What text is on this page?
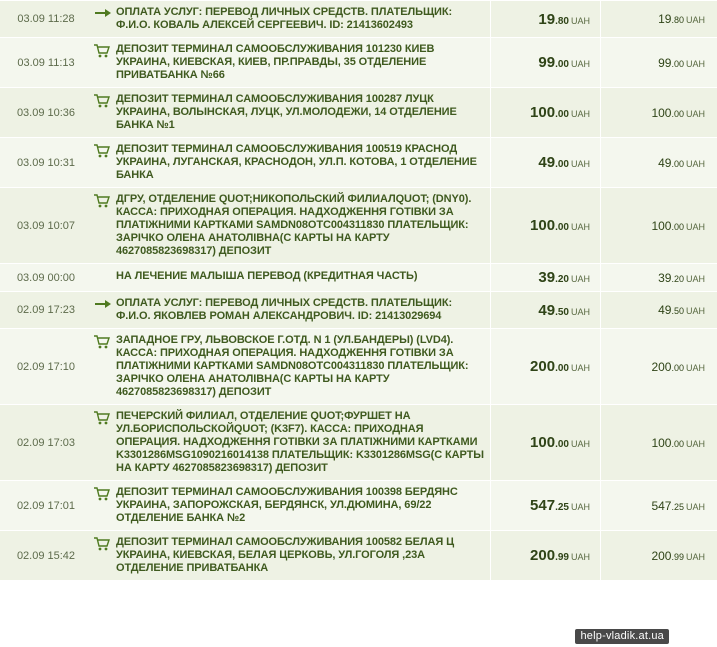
03.09 11:28	ОПЛАТА УСЛУГ: ПЕРЕВОД ЛИЧНЫХ СРЕДСТВ. ПЛАТЕЛЬЩИК: Ф.И.О. КОВАЛЬ АЛЕКСЕЙ СЕРГЕЕВИЧ. ID: 21413602493	19.80 UAH	19.80 UAH
03.09 11:13	ДЕПОЗИТ ТЕРМИНАЛ САМООБСЛУЖИВАНИЯ 101230 КИЕВ УКРАИНА, КИЕВСКАЯ, КИЕВ, ПР.ПРАВДЫ, 35 ОТДЕЛЕНИЕ ПРИВАТБАНКА №66	99.00 UAH	99.00 UAH
03.09 10:36	ДЕПОЗИТ ТЕРМИНАЛ САМООБСЛУЖИВАНИЯ 100287 ЛУЦК УКРАИНА, ВОЛЫНСКАЯ, ЛУЦК, УЛ.МОЛОДЕЖИ, 14 ОТДЕЛЕНИЕ БАНКА №1	100.00 UAH	100.00 UAH
03.09 10:31	ДЕПОЗИТ ТЕРМИНАЛ САМООБСЛУЖИВАНИЯ 100519 КРАСНОД УКРАИНА, ЛУГАНСКАЯ, КРАСНОДОН, УЛ.П. КОТОВА, 1 ОТДЕЛЕНИЕ БАНКА	49.00 UAH	49.00 UAH
03.09 10:07	ДГРУ, ОТДЕЛЕНИЕ QUOT;НИКОПОЛЬСКИЙ ФИЛИАЛQUOT; (DNY0). КАССА: ПРИХОДНАЯ ОПЕРАЦИЯ. НАДХОДЖЕННЯ ГОТІВКИ ЗА ПЛАТІЖНИМИ КАРТКАМИ SAMDN08OTC004311830 ПЛАТЕЛЬЩИК: ЗАРІЧКО ОЛЕНА АНАТОЛІВНА(С КАРТЫ НА КАРТУ 4627085823698317) ДЕПОЗИТ	100.00 UAH	100.00 UAH
03.09 00:00	НА ЛЕЧЕНИЕ МАЛЫША ПЕРЕВОД (КРЕДИТНАЯ ЧАСТЬ)	39.20 UAH	39.20 UAH
02.09 17:23	ОПЛАТА УСЛУГ: ПЕРЕВОД ЛИЧНЫХ СРЕДСТВ. ПЛАТЕЛЬЩИК: Ф.И.О. ЯКОВЛЕВ РОМАН АЛЕКСАНДРОВИЧ. ID: 21413029694	49.50 UAH	49.50 UAH
02.09 17:10	ЗАПАДНОЕ ГРУ, ЛЬВОВСКОЕ Г.ОТД. N 1 (УЛ.БАНДЕРЫ) (LVD4). КАССА: ПРИХОДНАЯ ОПЕРАЦИЯ. НАДХОДЖЕННЯ ГОТІВКИ ЗА ПЛАТІЖНИМИ КАРТКАМИ SAMDN08OTC004311830 ПЛАТЕЛЬЩИК: ЗАРІЧКО ОЛЕНА АНАТОЛІВНА(С КАРТЫ НА КАРТУ 4627085823698317) ДЕПОЗИТ	200.00 UAH	200.00 UAH
02.09 17:03	ПЕЧЕРСКИЙ ФИЛИАЛ, ОТДЕЛЕНИЕ QUOT;ФУРШЕТ НА УЛ.БОРИСПОЛЬСКОЙQUOT; (K3F7). КАССА: ПРИХОДНАЯ ОПЕРАЦИЯ. НАДХОДЖЕННЯ ГОТІВКИ ЗА ПЛАТІЖНИМИ КАРТКАМИ K3301286MSG1090216014138 ПЛАТЕЛЬЩИК: K3301286MSG(С КАРТЫ НА КАРТУ 4627085823698317) ДЕПОЗИТ	100.00 UAH	100.00 UAH
02.09 17:01	ДЕПОЗИТ ТЕРМИНАЛ САМООБСЛУЖИВАНИЯ 100398 БЕРДЯНС УКРАИНА, ЗАПОРОЖСКАЯ, БЕРДЯНСК, УЛ.ДЮМИНА, 69/22 ОТДЕЛЕНИЕ БАНКА №2	547.25 UAH	547.25 UAH
02.09 15:42	ДЕПОЗИТ ТЕРМИНАЛ САМООБСЛУЖИВАНИЯ 100582 БЕЛАЯ Ц УКРАИНА, КИЕВСКАЯ, БЕЛАЯ ЦЕРКОВЬ, УЛ.ГОГОЛЯ ,23А ОТДЕЛЕНИЕ ПРИВАТБАНКА	200.99 UAH	200.99 UAH
help-vladik.at.ua
